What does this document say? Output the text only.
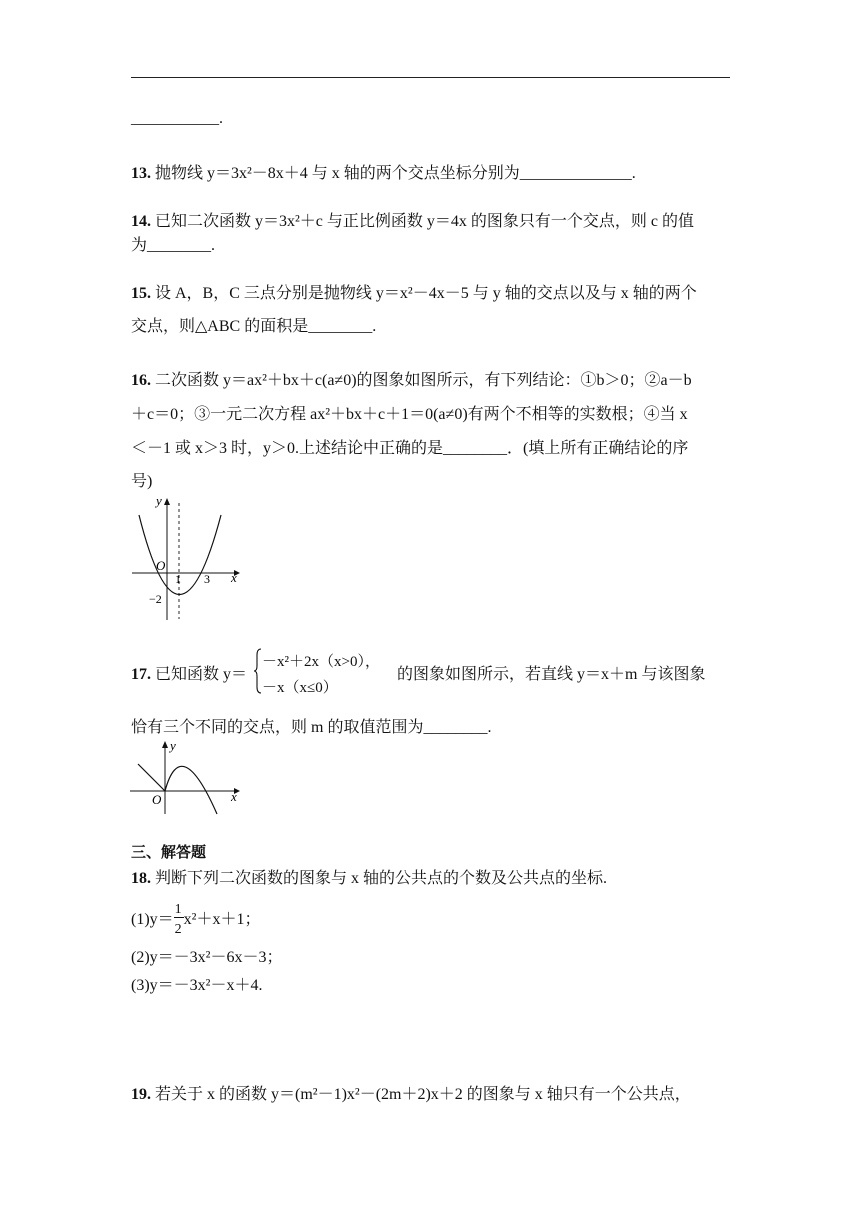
___________.
13. 抛物线 y＝3x²－8x＋4 与 x 轴的两个交点坐标分别为______________.
14. 已知二次函数 y＝3x²＋c 与正比例函数 y＝4x 的图象只有一个交点，则 c 的值
为________.
15. 设 A，B，C 三点分别是抛物线 y＝x²－4x－5 与 y 轴的交点以及与 x 轴的两个
交点，则△ABC 的面积是________.
16. 二次函数 y＝ax²＋bx＋c(a≠0)的图象如图所示，有下列结论：①b＞0；②a－b
＋c＝0；③一元二次方程 ax²＋bx＋c＋1＝0(a≠0)有两个不相等的实数根；④当 x
＜－1 或 x＞3 时，y＞0.上述结论中正确的是________．(填上所有正确结论的序
号)
y
x
O
1 3
−2
17. 已知函数 y＝
－x²＋2x（x>0），
－x（x≤0）
的图象如图所示，若直线 y＝x＋m 与该图象
恰有三个不同的交点，则 m 的取值范围为________.
y
x
O
三、解答题
18. 判断下列二次函数的图象与 x 轴的公共点的个数及公共点的坐标.
$(1)y= \frac{1}{2} x^2+x+1$；
(2)y＝－3x²－6x－3；
(3)y＝－3x²－x＋4.
19. 若关于 x 的函数 y＝(m²－1)x²－(2m＋2)x＋2 的图象与 x 轴只有一个公共点，
